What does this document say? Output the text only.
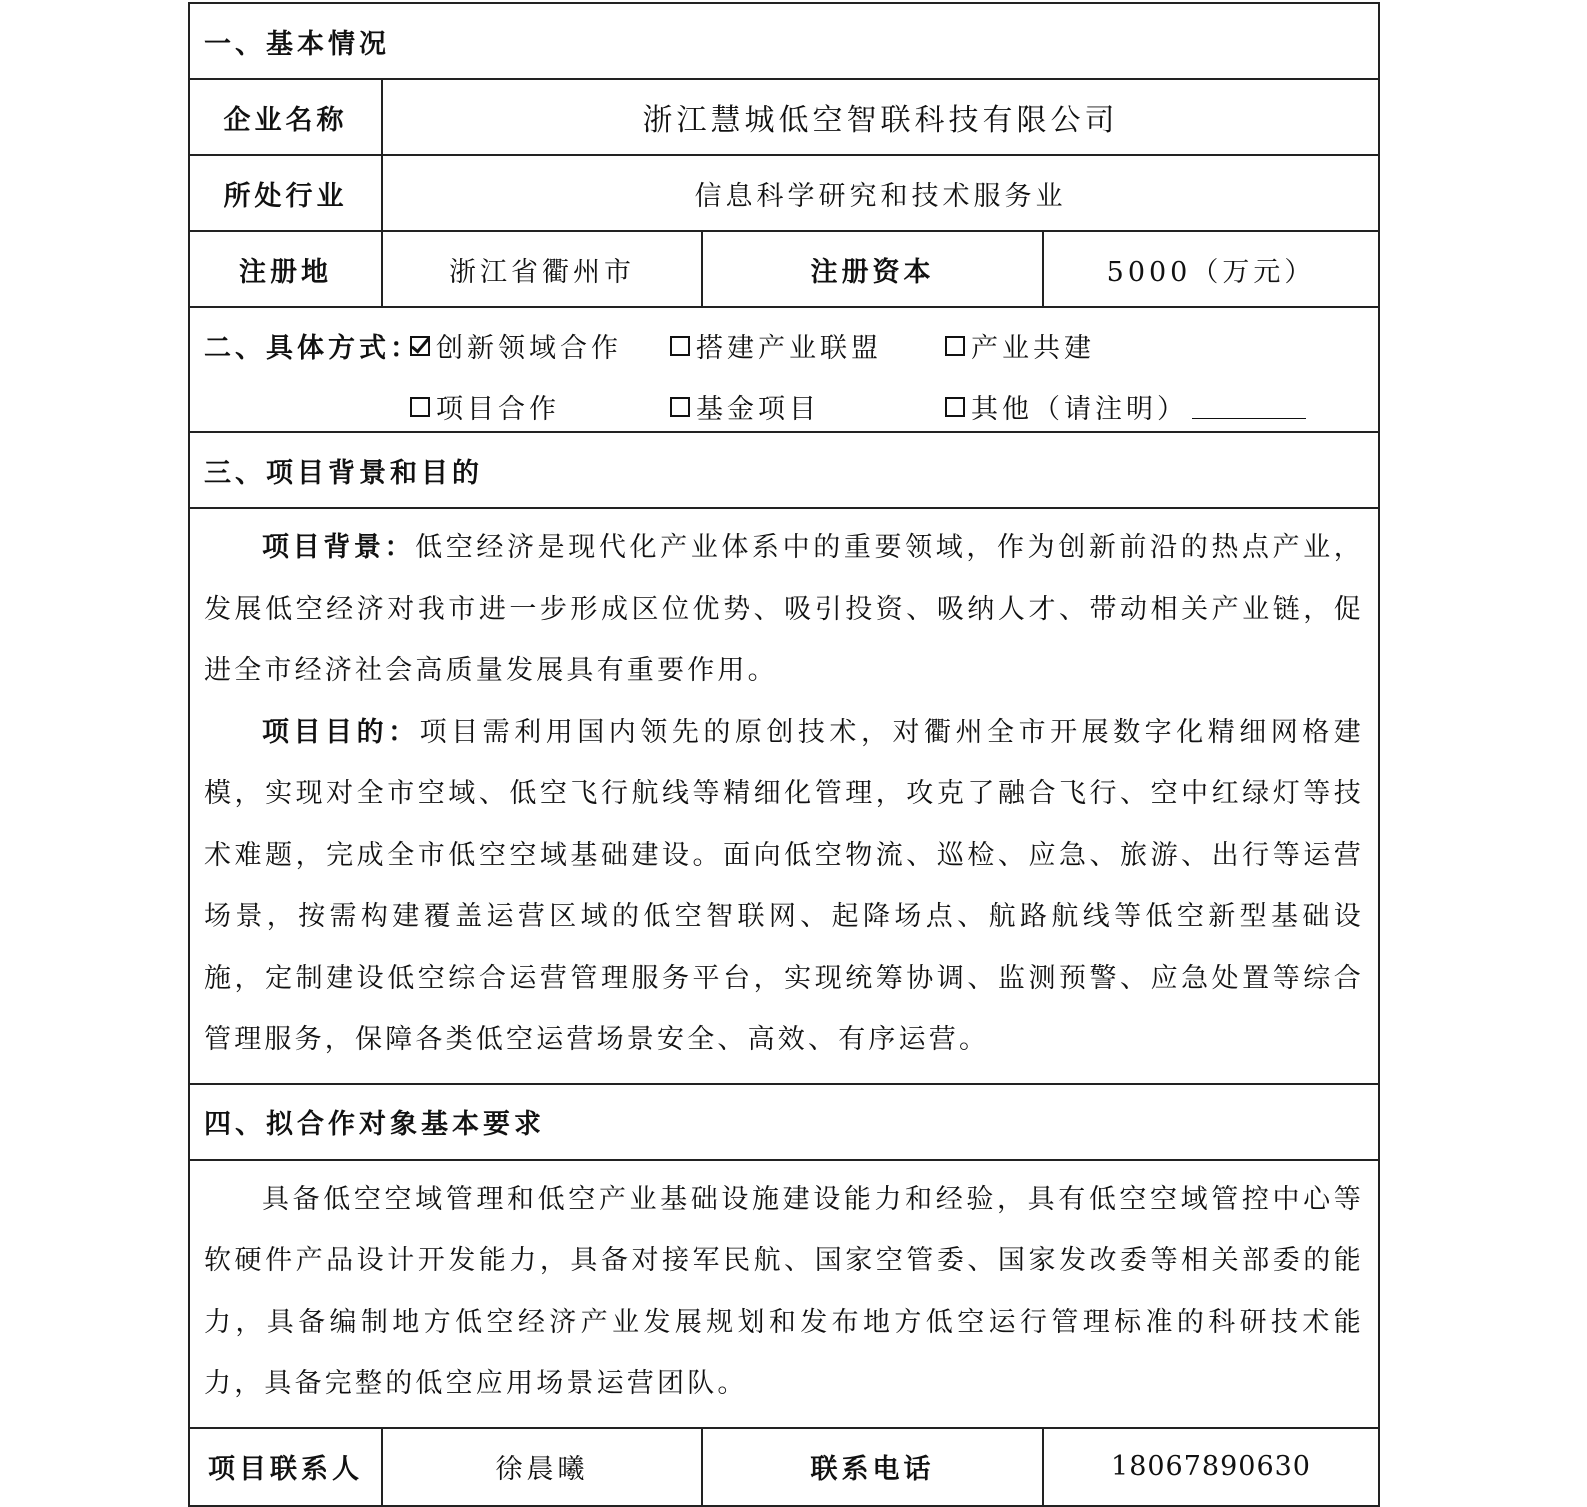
一、基本情况
企业名称	浙江慧城低空智联科技有限公司
所处行业	信息科学研究和技术服务业
注册地	浙江省衢州市	注册资本	5000（万元）
二、具体方式： 创新领域合作	搭建产业联盟	产业共建
项目合作	基金项目	其他（请注明）
三、项目背景和目的

项目背景：低空经济是现代化产业体系中的重要领域，作为创新前沿的热点产业，发展低空经济对我市进一步形成区位优势、吸引投资、吸纳人才、带动相关产业链，促进全市经济社会高质量发展具有重要作用。

项目目的：项目需利用国内领先的原创技术，对衢州全市开展数字化精细网格建模，实现对全市空域、低空飞行航线等精细化管理，攻克了融合飞行、空中红绿灯等技术难题，完成全市低空空域基础建设。面向低空物流、巡检、应急、旅游、出行等运营场景，按需构建覆盖运营区域的低空智联网、起降场点、航路航线等低空新型基础设施，定制建设低空综合运营管理服务平台，实现统筹协调、监测预警、应急处置等综合管理服务，保障各类低空运营场景安全、高效、有序运营。

四、拟合作对象基本要求

具备低空空域管理和低空产业基础设施建设能力和经验，具有低空空域管控中心等软硬件产品设计开发能力，具备对接军民航、国家空管委、国家发改委等相关部委的能力，具备编制地方低空经济产业发展规划和发布地方低空运行管理标准的科研技术能力，具备完整的低空应用场景运营团队。

项目联系人	徐晨曦	联系电话	18067890630
